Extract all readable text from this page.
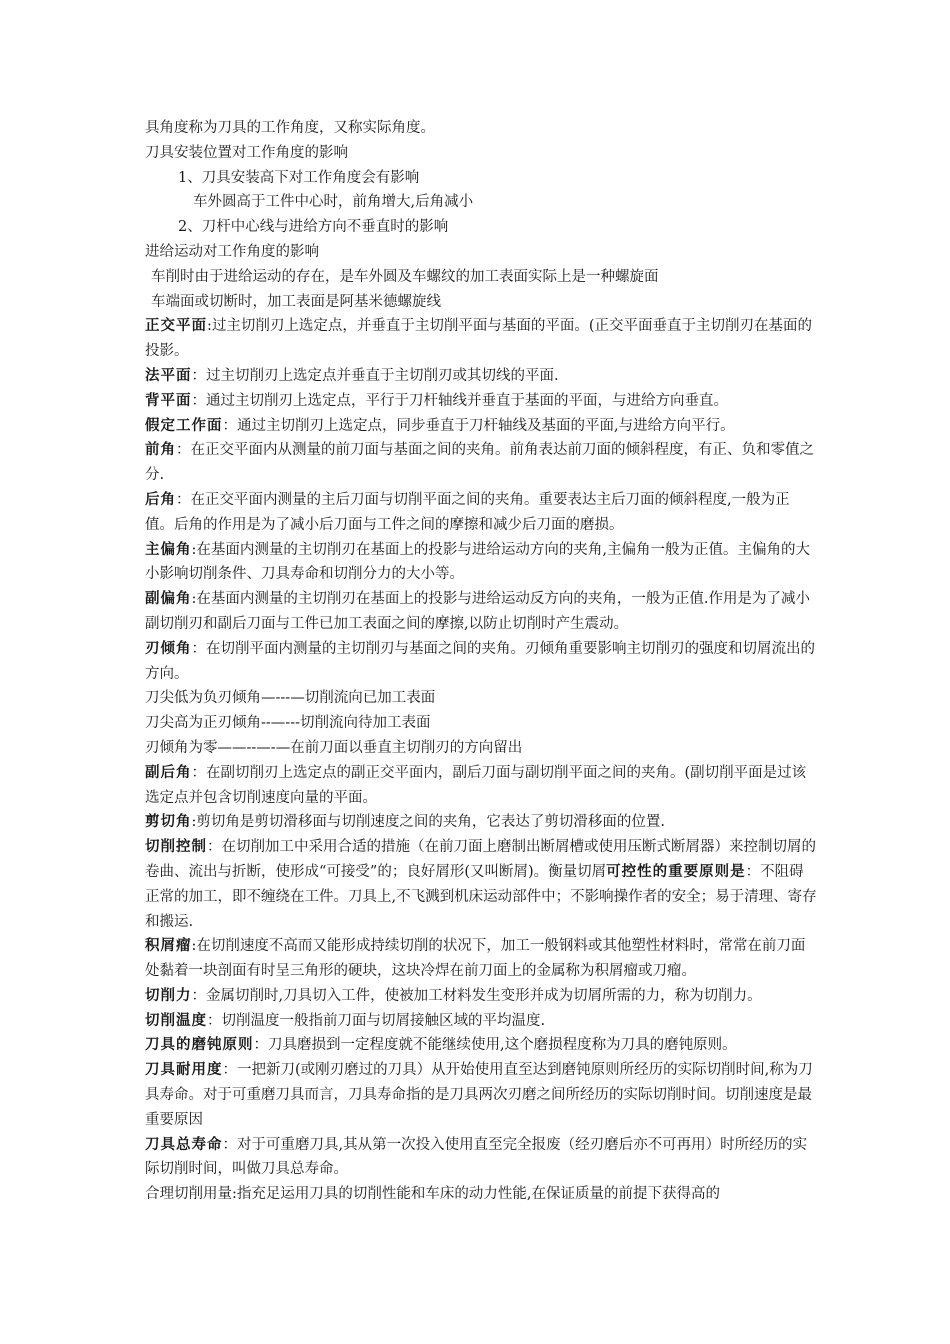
具角度称为刀具的工作角度，又称实际角度。

刀具安装位置对工作角度的影响

1、刀具安装高下对工作角度会有影响

车外圆高于工件中心时，前角增大,后角减小

2、刀杆中心线与进给方向不垂直时的影响

进给运动对工作角度的影响

车削时由于进给运动的存在，是车外圆及车螺纹的加工表面实际上是一种螺旋面

车端面或切断时，加工表面是阿基米德螺旋线

正交平面:过主切削刃上选定点，并垂直于主切削平面与基面的平面。(正交平面垂直于主切削刃在基面的投影。

法平面：过主切削刃上选定点并垂直于主切削刃或其切线的平面.

背平面：通过主切削刃上选定点，平行于刀杆轴线并垂直于基面的平面，与进给方向垂直。

假定工作面：通过主切削刃上选定点，同步垂直于刀杆轴线及基面的平面,与进给方向平行。

前角：在正交平面内从测量的前刀面与基面之间的夹角。前角表达前刀面的倾斜程度，有正、负和零值之分.

后角：在正交平面内测量的主后刀面与切削平面之间的夹角。重要表达主后刀面的倾斜程度,一般为正值。后角的作用是为了减小后刀面与工件之间的摩擦和减少后刀面的磨损。

主偏角:在基面内测量的主切削刃在基面上的投影与进给运动方向的夹角,主偏角一般为正值。主偏角的大小影响切削条件、刀具寿命和切削分力的大小等。

副偏角:在基面内测量的主切削刃在基面上的投影与进给运动反方向的夹角，一般为正值.作用是为了减小副切削刃和副后刀面与工件已加工表面之间的摩擦,以防止切削时产生震动。

刃倾角：在切削平面内测量的主切削刃与基面之间的夹角。刃倾角重要影响主切削刃的强度和切屑流出的方向。

刀尖低为负刃倾角—---—切削流向已加工表面

刀尖高为正刃倾角--—---切削流向待加工表面

刃倾角为零——--—-—在前刀面以垂直主切削刃的方向留出

副后角：在副切削刃上选定点的副正交平面内，副后刀面与副切削平面之间的夹角。(副切削平面是过该选定点并包含切削速度向量的平面。

剪切角:剪切角是剪切滑移面与切削速度之间的夹角，它表达了剪切滑移面的位置.

切削控制：在切削加工中采用合适的措施（在前刀面上磨制出断屑槽或使用压断式断屑器）来控制切屑的卷曲、流出与折断，使形成“可接受”的；良好屑形(又叫断屑)。衡量切屑可控性的重要原则是：不阻碍正常的加工，即不缠绕在工件。刀具上,不飞溅到机床运动部件中；不影响操作者的安全；易于清理、寄存和搬运.

积屑瘤:在切削速度不高而又能形成持续切削的状况下，加工一般钢料或其他塑性材料时，常常在前刀面处黏着一块剖面有时呈三角形的硬块，这块冷焊在前刀面上的金属称为积屑瘤或刀瘤。

切削力：金属切削时,刀具切入工件，使被加工材料发生变形并成为切屑所需的力，称为切削力。

切削温度：切削温度一般指前刀面与切屑接触区域的平均温度.

刀具的磨钝原则：刀具磨损到一定程度就不能继续使用,这个磨损程度称为刀具的磨钝原则。

刀具耐用度：一把新刀(或刚刃磨过的刀具）从开始使用直至达到磨钝原则所经历的实际切削时间,称为刀具寿命。对于可重磨刀具而言，刀具寿命指的是刀具两次刃磨之间所经历的实际切削时间。切削速度是最重要原因

刀具总寿命：对于可重磨刀具,其从第一次投入使用直至完全报废（经刃磨后亦不可再用）时所经历的实际切削时间，叫做刀具总寿命。

合理切削用量:指充足运用刀具的切削性能和车床的动力性能,在保证质量的前提下获得高的
